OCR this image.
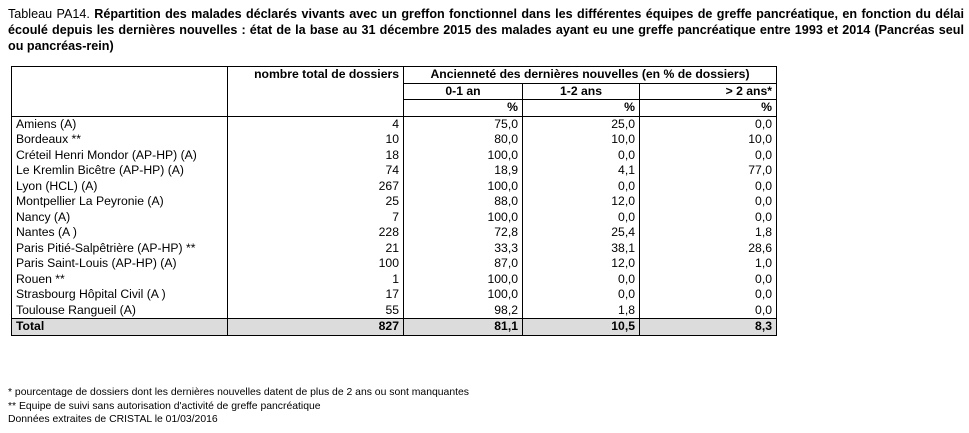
Tableau PA14. Répartition des malades déclarés vivants avec un greffon fonctionnel dans les différentes équipes de greffe pancréatique, en fonction du délai écoulé depuis les dernières nouvelles : état de la base au 31 décembre 2015 des malades ayant eu une greffe pancréatique entre 1993 et 2014 (Pancréas seul ou pancréas-rein)
	nombre total de dossiers	Ancienneté des dernières nouvelles (en % de dossiers)		
		0-1 an	1-2 ans	> 2 ans*
		%	%	%
Amiens (A)	4	75,0	25,0	0,0
Bordeaux **	10	80,0	10,0	10,0
Créteil Henri Mondor (AP-HP) (A)	18	100,0	0,0	0,0
Le Kremlin Bicêtre (AP-HP) (A)	74	18,9	4,1	77,0
Lyon (HCL) (A)	267	100,0	0,0	0,0
Montpellier La Peyronie (A)	25	88,0	12,0	0,0
Nancy (A)	7	100,0	0,0	0,0
Nantes (A )	228	72,8	25,4	1,8
Paris Pitié-Salpêtrière (AP-HP) **	21	33,3	38,1	28,6
Paris Saint-Louis (AP-HP) (A)	100	87,0	12,0	1,0
Rouen **	1	100,0	0,0	0,0
Strasbourg Hôpital Civil (A )	17	100,0	0,0	0,0
Toulouse Rangueil (A)	55	98,2	1,8	0,0
Total	827	81,1	10,5	8,3
* pourcentage de dossiers dont les dernières nouvelles datent de plus de 2 ans ou sont manquantes
** Equipe de suivi sans autorisation d'activité de greffe pancréatique
Données extraites de CRISTAL le 01/03/2016
